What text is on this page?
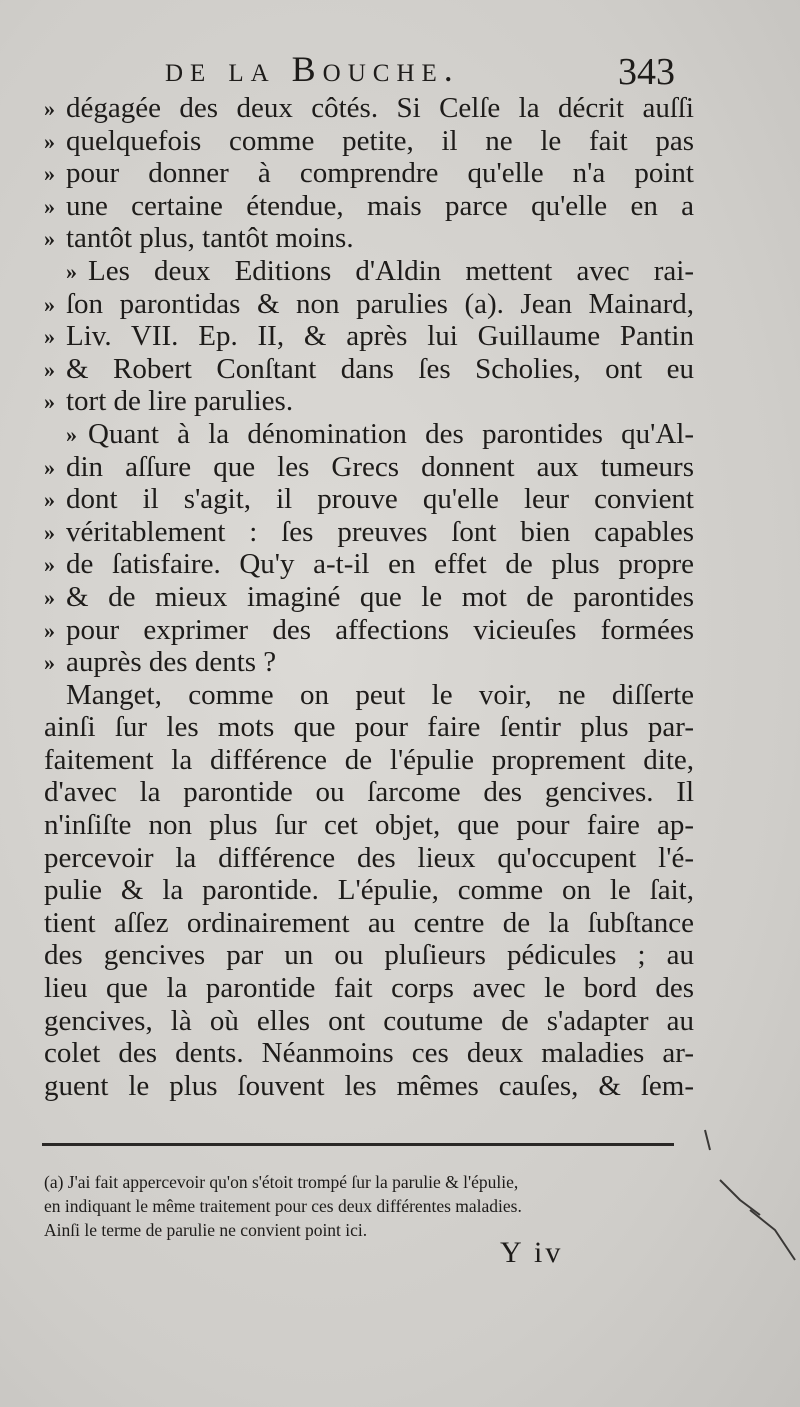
de la Bouche.	343
» dégagée des deux côtés. Si Celſe la décrit auſſi
» quelquefois comme petite, il ne le fait pas
» pour donner à comprendre qu'elle n'a point
» une certaine étendue, mais parce qu'elle en a
» tantôt plus, tantôt moins.
» Les deux Editions d'Aldin mettent avec rai-
» ſon parontidas & non parulies (a). Jean Mainard,
» Liv. VII. Ep. II, & après lui Guillaume Pantin
» & Robert Conſtant dans ſes Scholies, ont eu
» tort de lire parulies.
» Quant à la dénomination des parontides qu'Al-
» din aſſure que les Grecs donnent aux tumeurs
» dont il s'agit, il prouve qu'elle leur convient
» véritablement : ſes preuves ſont bien capables
» de ſatisfaire. Qu'y a-t-il en effet de plus propre
» & de mieux imaginé que le mot de parontides
» pour exprimer des affections vicieuſes formées
» auprès des dents ?
Manget, comme on peut le voir, ne diſſerte
ainſi ſur les mots que pour faire ſentir plus par-
faitement la différence de l'épulie proprement dite,
d'avec la parontide ou ſarcome des gencives. Il
n'inſiſte non plus ſur cet objet, que pour faire ap-
percevoir la différence des lieux qu'occupent l'é-
pulie & la parontide. L'épulie, comme on le ſait,
tient aſſez ordinairement au centre de la ſubſtance
des gencives par un ou pluſieurs pédicules ; au
lieu que la parontide fait corps avec le bord des
gencives, là où elles ont coutume de s'adapter au
colet des dents. Néanmoins ces deux maladies ar-
guent le plus ſouvent les mêmes cauſes, & ſem-
(a) J'ai fait appercevoir qu'on s'étoit trompé ſur la parulie & l'épulie,
en indiquant le même traitement pour ces deux différentes maladies.
Ainſi le terme de parulie ne convient point ici.
Y iv
